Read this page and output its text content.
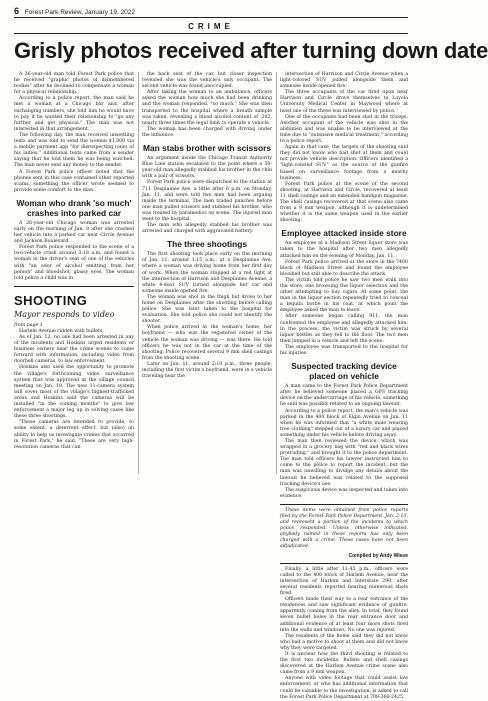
6 Forest Park Review, January 19, 2022
CRIME
Grisly photos received after turning down date

A 36-year-old man told Forest Park police that he received "graphic photos of dismembered bodies" after he declined to compensate a woman for a physical relationship.

According to a police report, the man said he met a woman at a Chicago bar and, after exchanging numbers, she told him he would have to pay if he wanted their relationship to "go any further and get physical." The man was not interested in that arrangement.

The following day, the man received unsettling texts and was told to send the woman $1,000 via a mobile payment app "for disrespecting (one) of his ladies." Additional texts came from a sender saying that he told them he was being watched. The man never sent any money to the sender.

A Forest Park police officer noted that the phones sent in this case contained other reported scams, something the officer wrote seemed to provide some comfort to the man.

Woman who drank 'so much' crashes into parked car

A 26-year-old Chicago woman was arrested early on the morning of Jan. 8 after she crashed her vehicle into a parked car near Circle Avenue and Jackson Boulevard.

Forest Park police responded to the scene of a two-vehicle crash around 3:18 a.m. and found a woman in the driver's seat of one of the vehicles with "an odor of alcohol emitting from her person" and bloodshot, glassy eyes. The woman told police a child was in

SHOOTING
Mayor responds to video

from page 1

Harlem Avenue ridden with bullets.

As of Jan. 12, no one had been arrested in any of the incidents and Hoskins urged residents or business owners near the crime scenes to come forward with information, including video from doorbell cameras, to law enforcement.

Hoskins also used the opportunity to promote the village's forthcoming video surveillance system that was approved at the village council meeting on Jan. 10. The new 11-camera system will cover most of the village's highest-trafficked areas and Hoskins said the cameras will be installed "in the coming months" to give law enforcement a major leg up in solving cases like these three shootings.

"These cameras are intended to provide, to some extent, a deterrent effect, but (also) an ability to help us investigate crimes that occurred in Forest Park," he said. "These are very high-resolution cameras that can

the back seat of the car, but closer inspection revealed she was the vehicle's only occupant. The second vehicle was found unoccupied.

After taking the woman to an ambulance, officers asked the woman how much she had been drinking and the woman responded, "so much." She was then transported to the hospital where a breath sample was taken, revealing a blood alcohol content of .202, nearly three times the legal limit to operate a vehicle.

The woman has been charged with driving under the influence.

Man stabs brother with scissors

An argument inside the Chicago Transit Authority Blue Line station escalated to the point where a 50-year-old man allegedly stabbed his brother in the chin with a pair of scissors.

Forest Park police were dispatched to the station at 711 Desplaines Ave. a little after 6 p.m. on Monday, Jan. 11, and were told two men had been arguing inside the terminal. The men traded punches before one man pulled scissors and stabbed his brother, who was treated by paramedics on scene. The injured man went to the hospital.

The man who allegedly stabbed his brother was arrested and charged with aggravated battery.

The three shootings

The first shooting took place early on the morning of Jan. 11, around 1:15 a.m., at a Desplaines Ave. where a woman was driving home from her first day of work. When the woman stopped at a red light at the intersection of Harrison and Desplaines Avenue, a white 4-door SUV turned alongside her car and someone inside opened fire.

The woman was shot in the thigh but drove to her home on Desplaines after the shooting before calling police. She was later taken to the hospital for evaluation. She told police she could not identify the shooter.

When police arrived at the woman's home, her boyfriend — who was the registered owner of the vehicle the woman was driving — was there. He told officers he was not in the car at the time of the shooting. Police recovered several 9 mm shell casings from the shooting scene.

Later on Jan. 11, around 2:10 p.m., three people, including the first victim's boyfriend, were in a vehicle traveling near the

intersection of Harrison and Circle Avenue when a light-colored SUV pulled alongside them and someone inside opened fire.

The three occupants of the car fired upon near Harrison and Circle drove themselves to Loyola University Medical Center in Maywood where at least one of the three was interviewed by police.

One of the occupants had been shot in the triceps. Another occupant of the vehicle was shot in the abdomen and was unable to be interviewed at the time due to "extensive medical treatment," according to a police report.

Again in that case, the targets of the shooting said they did not know who had shot at them and could not provide vehicle description. Officers identified a "light-colored SUV" as the source of the gunfire based on surveillance footage from a nearby business.

Forest Park police at the scene of the second shooting, at Harrison and Circle, recovered at least 11 shell casings and an extended handgun magazine. The shell casings recovered at that scene also came from a 9 mm weapon, although it is undetermined whether it is the same weapon used in the earlier shooting.

Employee attacked inside store

An employee at a Madison Street liquor store was taken to the hospital after two men allegedly attacked him on the evening of Monday, Jan. 11.

Forest Park police arrived at the store in the 7400 block of Madison Street and found the employee bloodied but still able to describe the attack.

The victim told police he saw two men walk into the store, one browsing the liquor selection and the other attempting to buy cigars. At some point, the man in the liquor section repeatedly tried to conceal a tequila bottle in his coat, at which point the employee asked the man to leave.

After someone began calling 911, the man confronted the employee and allegedly attacked him. In the process, the victim was struck by several liquor bottles as they fell to the floor. The two men then jumped in a vehicle and left the scene.

The employee was transported to the hospital for his injuries.

Suspected tracking device placed on vehicle

A man came to the Forest Park Police Department after he believed someone placed a GPS tracking device on the undercarriage of his vehicle, something he said was possibly related to an ongoing lawsuit.

According to a police report, the man's vehicle was parked in the 400 block of Elgin Avenue on Jan. 11 when he was informed that "a white male wearing tree clothing" stepped out of a luxury car and placed something under his vehicle before driving away.

The man then reviewed the device, which was wrapped in a grocery bag with "red and black wires protruding," and brought it to the police department. The man told officers his lawyer instructed him to come to the police to report the incident, but the man was unwilling to divulge any details about the lawsuit he believed was related to the supposed tracking device's use.

The suspicious device was inspected and taken into evidence.

These items were obtained from police reports filed by the Forest Park Police Department, Jan. 2-13, and represent a portion of the incidents to which police responded. Unless otherwise indicated, anybody named in these reports has only been charged with a crime. These cases have not been adjudicated.

Compiled by Andy Wiese

Finally, a little after 11:45 p.m., officers were called to the 400 block of Harlem Avenue, near the intersection of Harlem and Interstate 290, after several residents reported hearing numerous shots fired.

Officers made their way to a rear entrance of the residences and saw significant evidence of gunfire, apparently coming from the alley. In total, they found seven bullet holes in the rear entrance door and additional evidence of at least four more shots fired into the walls and windows. No one was injured.

The residents of the home said they did not know who had a motive to shoot at them and did not know why they were targeted.

It is unclear how the third shooting is related to the first two incidents. Bullets and shell casings discovered at the Harlem Avenue crime scene also came from a 9 mm weapon.

Anyone with video footage that could assist law enforcement, or who has additional information that could be valuable to the investigation, is asked to call the Forest Park Police Department at 708-366-2425.
